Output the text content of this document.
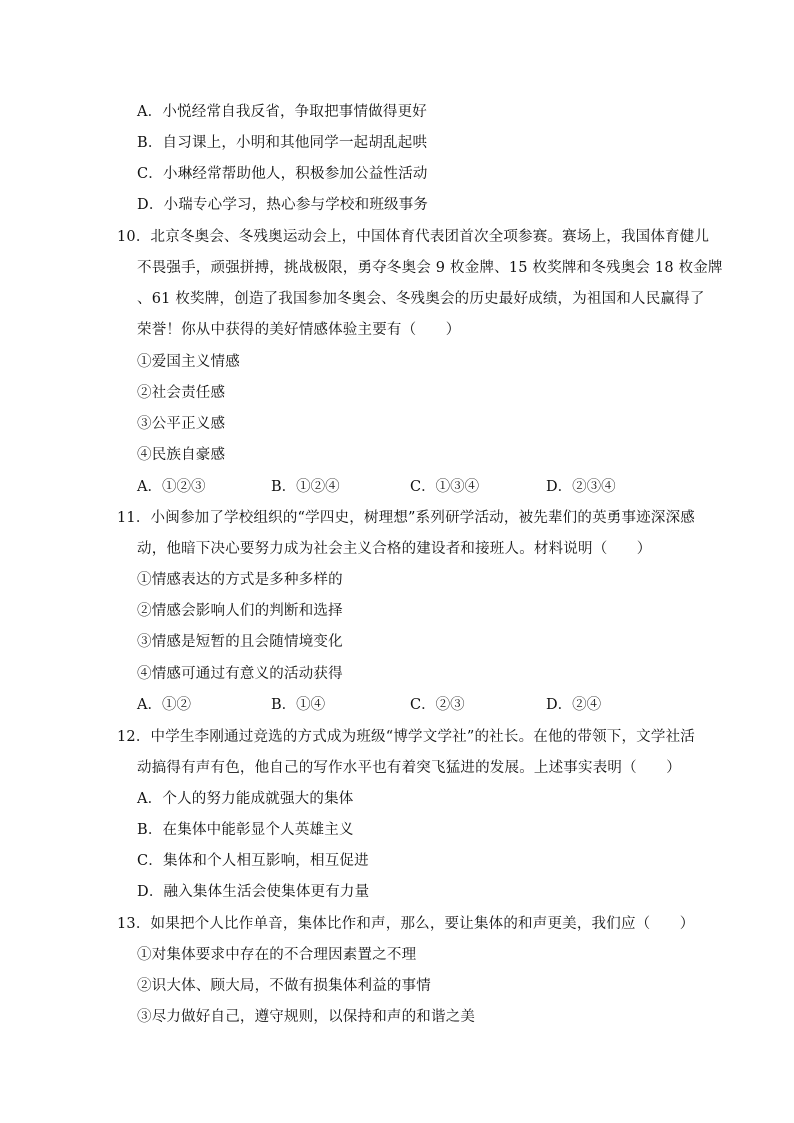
A．小悦经常自我反省，争取把事情做得更好
B．自习课上，小明和其他同学一起胡乱起哄
C．小琳经常帮助他人，积极参加公益性活动
D．小瑞专心学习，热心参与学校和班级事务
10．北京冬奥会、冬残奥运动会上，中国体育代表团首次全项参赛。赛场上，我国体育健儿
不畏强手，顽强拼搏，挑战极限，勇夺冬奥会 9 枚金牌、15 枚奖牌和冬残奥会 18 枚金牌
、61 枚奖牌，创造了我国参加冬奥会、冬残奥会的历史最好成绩，为祖国和人民赢得了
荣誉！你从中获得的美好情感体验主要有（　　）
①爱国主义情感
②社会责任感
③公平正义感
④民族自豪感
A．①②③	B．①②④	C．①③④	D．②③④
11．小闽参加了学校组织的“学四史，树理想”系列研学活动，被先辈们的英勇事迹深深感
动，他暗下决心要努力成为社会主义合格的建设者和接班人。材料说明（　　）
①情感表达的方式是多种多样的
②情感会影响人们的判断和选择
③情感是短暂的且会随情境变化
④情感可通过有意义的活动获得
A．①②	B．①④	C．②③	D．②④
12．中学生李刚通过竞选的方式成为班级“博学文学社”的社长。在他的带领下，文学社活
动搞得有声有色，他自己的写作水平也有着突飞猛进的发展。上述事实表明（　　）
A．个人的努力能成就强大的集体
B．在集体中能彰显个人英雄主义
C．集体和个人相互影响，相互促进
D．融入集体生活会使集体更有力量
13．如果把个人比作单音，集体比作和声，那么，要让集体的和声更美，我们应（　　）
①对集体要求中存在的不合理因素置之不理
②识大体、顾大局，不做有损集体利益的事情
③尽力做好自己，遵守规则，以保持和声的和谐之美
